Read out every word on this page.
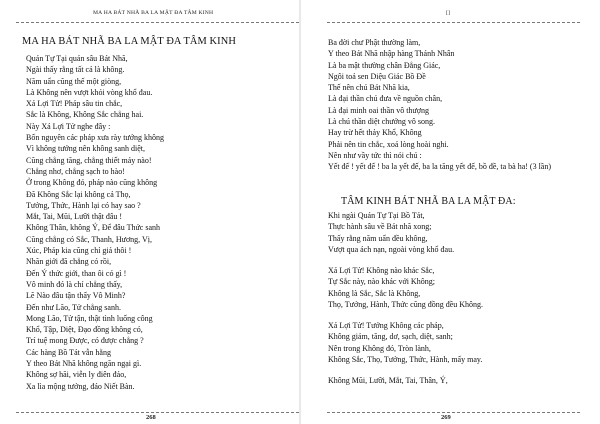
MA HA BÁT NHÃ BA LA MẬT ĐA TÂM KINH
MA HA BÁT NHÃ BA LA MẬT ĐA TÂM KINH
Quán Tự Tại quán sâu Bát Nhã,
Ngài thấy rằng tất cả là không.
Năm uẩn cũng thế một giòng,
Là Không nên vượt khỏi vòng khổ đau.
Xá Lợi Tử! Pháp sâu tin chắc,
Sắc là Không, Không Sắc chẳng hai.
Này Xá Lợi Tử nghe đây :
Bốn nguyên các pháp xưa rày tướng không
Vì không tướng nên không sanh diệt,
Cũng chẳng tăng, chẳng thiết mảy nào!
Chẳng nhơ, chẳng sạch to hào!
Ở trong Không đó, pháp nào cũng không
Đã Không Sắc lại không cả Thọ,
Tưởng, Thức, Hành lại có hay sao ?
Mắt, Tai, Mũi, Lưỡi thật đâu !
Không Thân, không Ý, Để đâu Thức sanh
Cũng chẳng có Sắc, Thanh, Hương, Vị,
Xúc, Pháp kia cũng chỉ giả thôi !
Nhãn giới đã chẳng có rồi,
Đến Ý thức giới, than ôi có gì !
Vô minh đó là chỉ chẳng thấy,
Lẽ Nào đâu tận thấy Vô Minh?
Đến như Lão, Tử chẳng sanh.
Mong Lão, Tử tận, thật tình luống công
Khổ, Tập, Diệt, Đạo đồng không có,
Trí tuệ mong Được, có được chẳng ?
Các hàng Bồ Tát vẫn hằng
Y theo Bát Nhã không ngăn ngại gì.
Không sợ hãi, viễn ly điên đảo,
Xa lìa mộng tưởng, đáo Niết Bàn.
268
[]
Ba đời chư Phật thường làm,
Y theo Bát Nhã nhập hàng Thánh Nhân
Là ba mật thường chân Đẳng Giác,
Ngôi toả sen Diệu Giác Bồ Đề
Thế nên chú Bát Nhã kia,
Là đại thần chú đưa về nguồn chân,
Là đại minh oai thần vô thượng
Là chú thần diệt chướng vô song.
Hay trừ hết thảy Khổ, Không
Phải nên tin chắc, xoá lòng hoài nghi.
Nên như vầy tức thì nói chú :
Yết đế ! yết đế ! ba la yết đế, ba la tăng yết đế, bồ đề, ta bà ha! (3 lần)
TÂM KINH BÁT NHÃ BA LA MẬT ĐA:
Khi ngài Quán Tự Tại Bồ Tát,
Thực hành sâu về Bát nhã xong;
Thấy rằng năm uẩn đều không,
Vượt qua ách nạn, ngoài vòng khổ đau.
Xá Lợi Tử! Không nào khác Sắc,
Tự Sắc này, nào khác với Không;
Không là Sắc, Sắc là Không,
Thọ, Tưởng, Hành, Thức cũng đồng đều Không.
Xá Lợi Tử! Tướng Không các pháp,
Không giảm, tăng, dơ, sạch, diệt, sanh;
Nên trong Không đó, Tròn lành,
Không Sắc, Thọ, Tưởng, Thức, Hành, mấy may.
Không Mũi, Lưỡi, Mắt, Tai, Thân, Ý,
269
